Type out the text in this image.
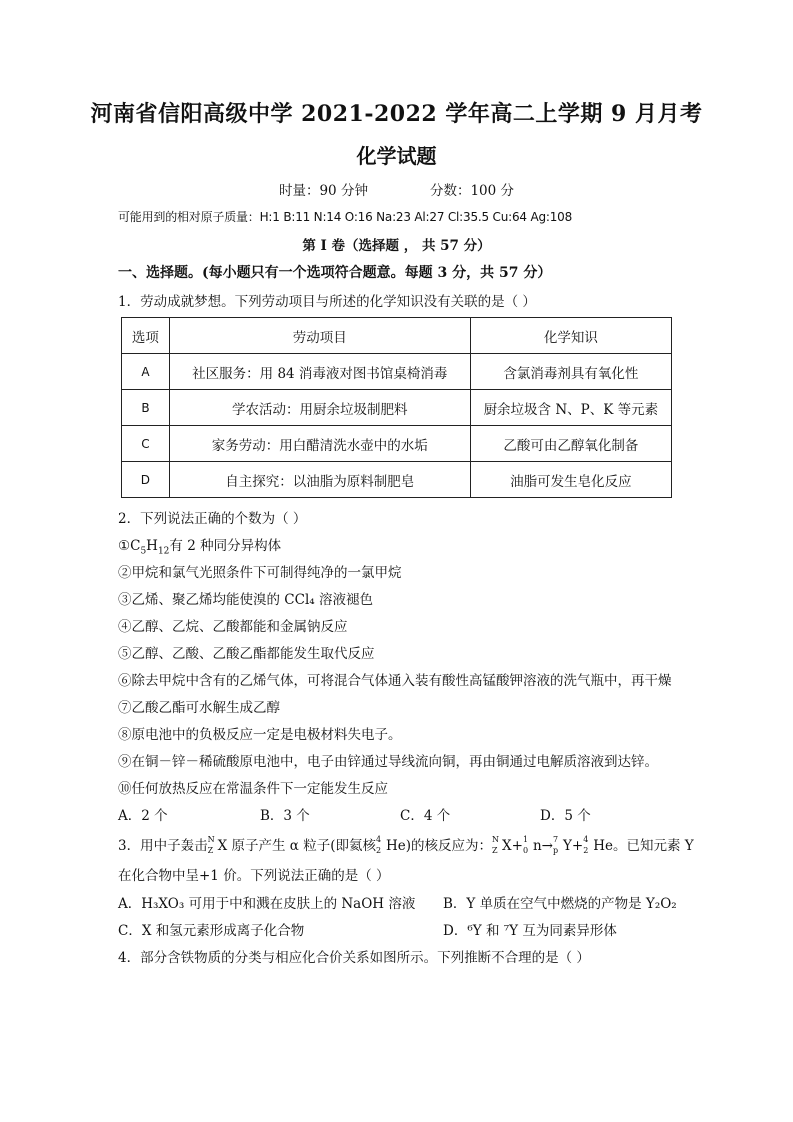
河南省信阳高级中学 2021-2022 学年高二上学期 9 月月考
化学试题
时量：90 分钟	分数：100 分
可能用到的相对原子质量：H:1 B:11 N:14 O:16 Na:23 Al:27 Cl:35.5 Cu:64 Ag:108
第 I 卷（选择题 ， 共 57 分）
一、选择题。(每小题只有一个选项符合题意。每题 3 分，共 57 分）
1．劳动成就梦想。下列劳动项目与所述的化学知识没有关联的是（ ）
选项	劳动项目	化学知识
A	社区服务：用 84 消毒液对图书馆桌椅消毒	含氯消毒剂具有氧化性
B	学农活动：用厨余垃圾制肥料	厨余垃圾含 N、P、K 等元素
C	家务劳动：用白醋清洗水壶中的水垢	乙酸可由乙醇氧化制备
D	自主探究：以油脂为原料制肥皂	油脂可发生皂化反应
2．下列说法正确的个数为（ ）
$①C_5H_{12}$有 2 种同分异构体
②甲烷和氯气光照条件下可制得纯净的一氯甲烷
③乙烯、聚乙烯均能使溴的 CCl₄ 溶液褪色
④乙醇、乙烷、乙酸都能和金属钠反应
⑤乙醇、乙酸、乙酸乙酯都能发生取代反应
⑥除去甲烷中含有的乙烯气体，可将混合气体通入装有酸性高锰酸钾溶液的洗气瓶中，再干燥
⑦乙酸乙酯可水解生成乙醇
⑧原电池中的负极反应一定是电极材料失电子。
⑨在铜－锌－稀硫酸原电池中，电子由锌通过导线流向铜，再由铜通过电解质溶液到达锌。
⑩任何放热反应在常温条件下一定能发生反应
A．2 个	B．3 个	C．4 个	D．5 个
3．用中子轰击 N
Z X 原子产生 α 粒子(即氦核 4
2 He)的核反应为： N
Z X+ 1
0 n→ 7
p Y+ 4
2 He。已知元素 Y
在化合物中呈+1 价。下列说法正确的是（ ）
A．H₃XO₃ 可用于中和溅在皮肤上的 NaOH 溶液 B．Y 单质在空气中燃烧的产物是 Y₂O₂
C．X 和氢元素形成离子化合物	D．⁶Y 和 ⁷Y 互为同素异形体
4．部分含铁物质的分类与相应化合价关系如图所示。下列推断不合理的是（ ）
